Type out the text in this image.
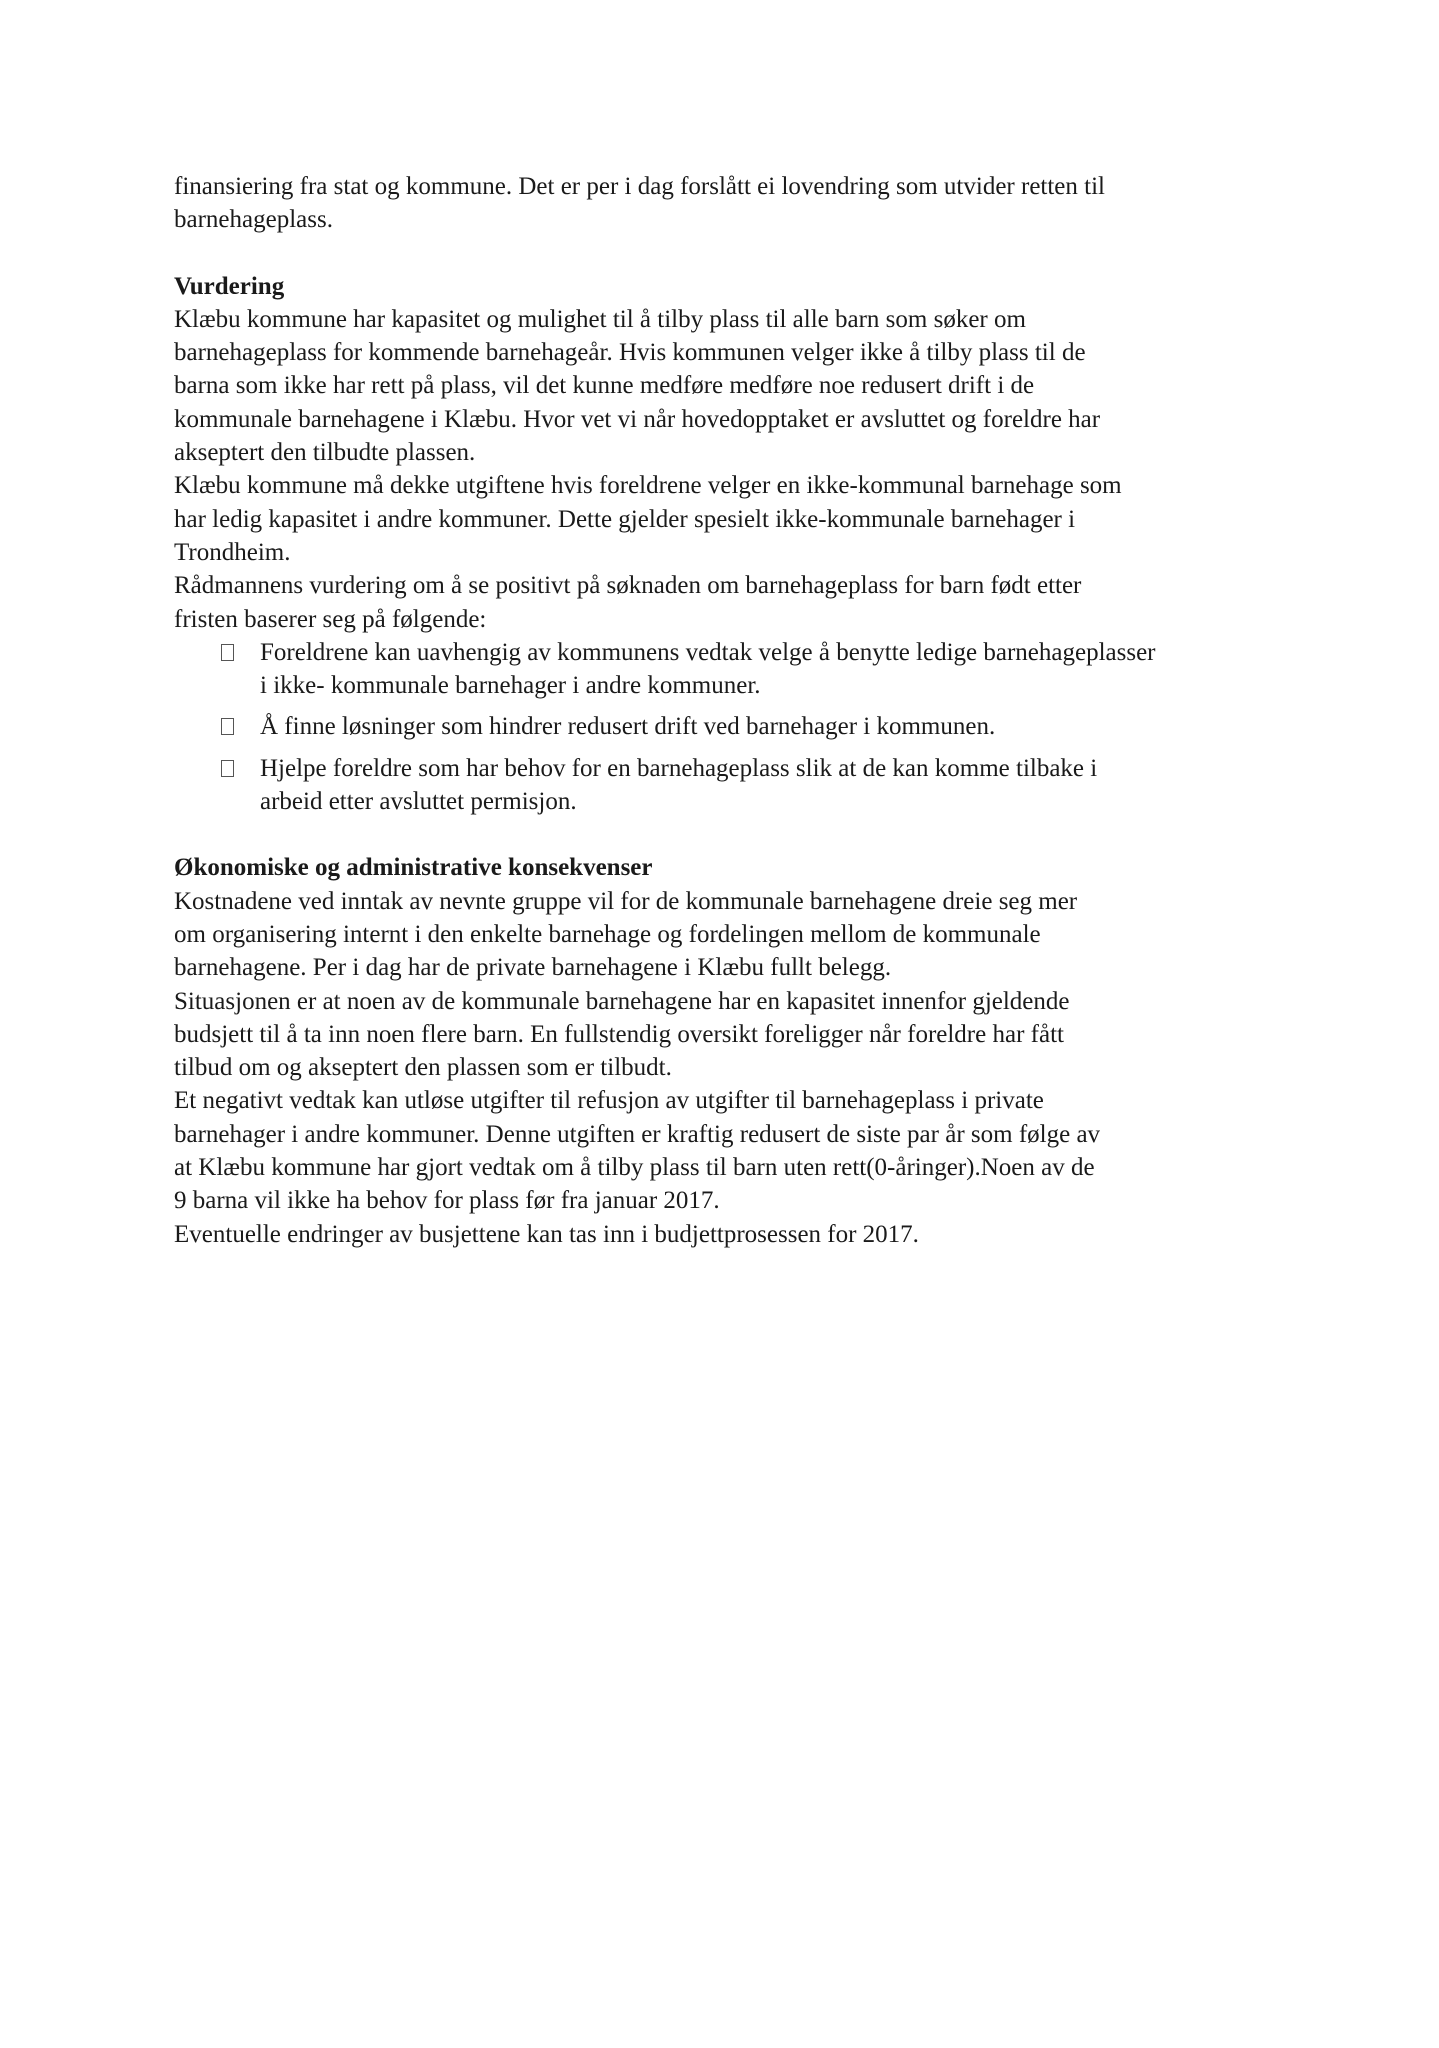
finansiering fra stat og kommune. Det er per i dag forslått ei lovendring som utvider retten til
barnehageplass.
Vurdering
Klæbu kommune har kapasitet og mulighet til å tilby plass til alle barn som søker om
barnehageplass for kommende barnehageår. Hvis kommunen velger ikke å tilby plass til de
barna som ikke har rett på plass, vil det kunne medføre medføre noe redusert drift i de
kommunale barnehagene i Klæbu. Hvor vet vi når hovedopptaket er avsluttet og foreldre har
akseptert den tilbudte plassen.
Klæbu kommune må dekke utgiftene hvis foreldrene velger en ikke-kommunal barnehage som
har ledig kapasitet i andre kommuner. Dette gjelder spesielt ikke-kommunale barnehager i
Trondheim.
Rådmannens vurdering om å se positivt på søknaden om barnehageplass for barn født etter
fristen baserer seg på følgende:
Foreldrene kan uavhengig av kommunens vedtak velge å benytte ledige barnehageplasser
i ikke- kommunale barnehager i andre kommuner.
Å finne løsninger som hindrer redusert drift ved barnehager i kommunen.
Hjelpe foreldre som har behov for en barnehageplass slik at de kan komme tilbake i
arbeid etter avsluttet permisjon.
Økonomiske og administrative konsekvenser
Kostnadene ved inntak av nevnte gruppe vil for de kommunale barnehagene dreie seg mer
om organisering internt i den enkelte barnehage og fordelingen mellom de kommunale
barnehagene. Per i dag har de private barnehagene i Klæbu fullt belegg.
Situasjonen er at noen av de kommunale barnehagene har en kapasitet innenfor gjeldende
budsjett til å ta inn noen flere barn. En fullstendig oversikt foreligger når foreldre har fått
tilbud om og akseptert den plassen som er tilbudt.
Et negativt vedtak kan utløse utgifter til refusjon av utgifter til barnehageplass i private
barnehager i andre kommuner. Denne utgiften er kraftig redusert de siste par år som følge av
at Klæbu kommune har gjort vedtak om å tilby plass til barn uten rett(0-åringer).Noen av de
9 barna vil ikke ha behov for plass før fra januar 2017.
Eventuelle endringer av busjettene kan tas inn i budjettprosessen for 2017.
